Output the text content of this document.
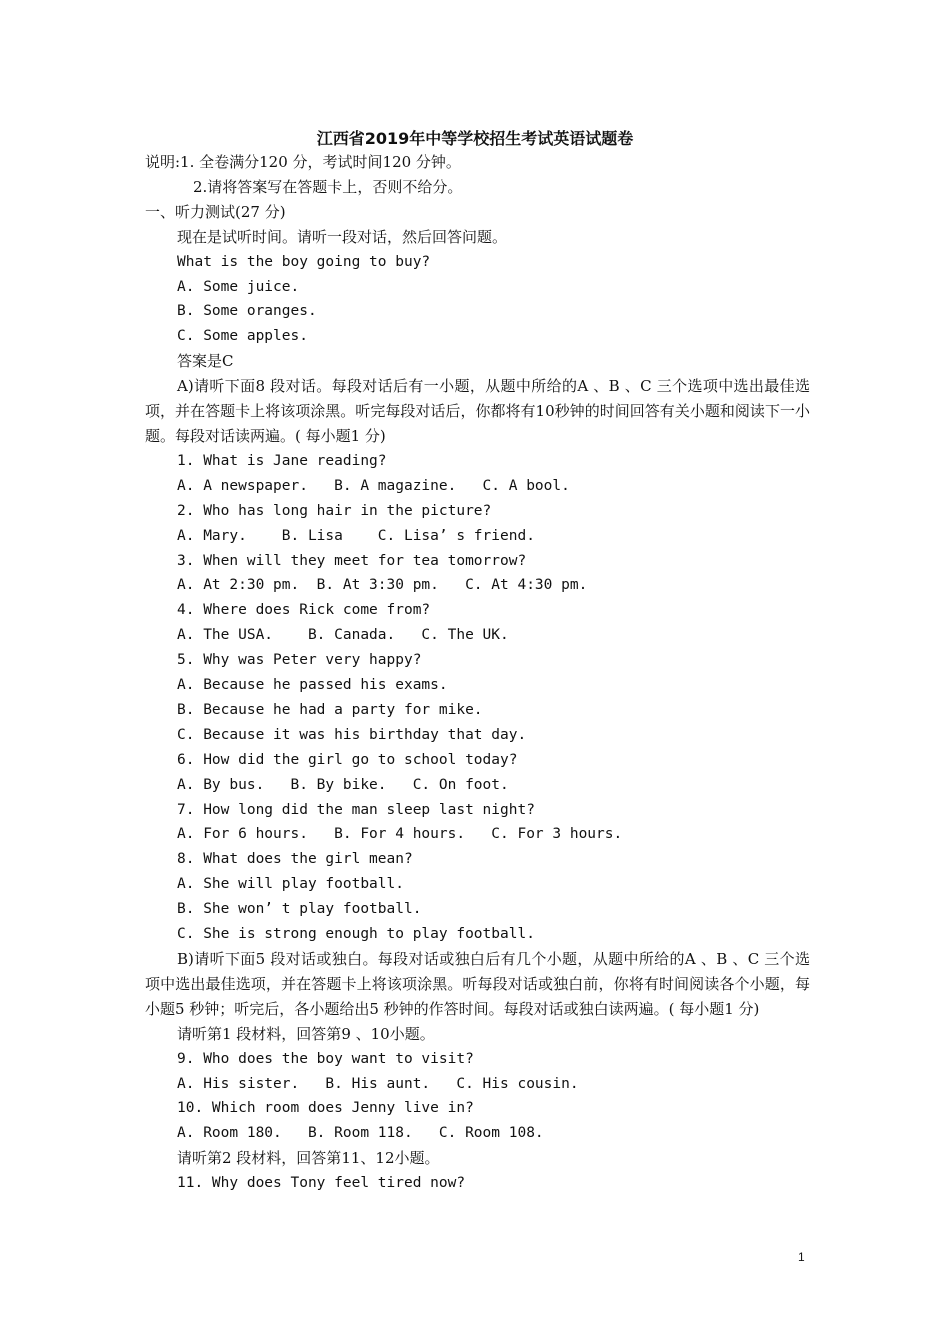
江西省2019年中等学校招生考试英语试题卷
说明:1. 全卷满分120 分，考试时间120 分钟。
2.请将答案写在答题卡上，否则不给分。
一、听力测试(27 分)
现在是试听时间。请听一段对话，然后回答问题。
What is the boy going to buy?
A. Some juice.
B. Some oranges.
C. Some apples.
答案是C
A)请听下面8 段对话。每段对话后有一小题，从题中所给的A 、B 、C 三个选项中选出最佳选项，并在答题卡上将该项涂黑。听完每段对话后，你都将有10秒钟的时间回答有关小题和阅读下一小题。每段对话读两遍。( 每小题1 分)
1. What is Jane reading?
A. A newspaper.   B. A magazine.   C. A bool.
2. Who has long hair in the picture?
A. Mary.    B. Lisa    C. Lisa’ s friend.
3. When will they meet for tea tomorrow?
A. At 2:30 pm.  B. At 3:30 pm.   C. At 4:30 pm.
4. Where does Rick come from?
A. The USA.    B. Canada.   C. The UK.
5. Why was Peter very happy?
A. Because he passed his exams.
B. Because he had a party for mike.
C. Because it was his birthday that day.
6. How did the girl go to school today?
A. By bus.   B. By bike.   C. On foot.
7. How long did the man sleep last night?
A. For 6 hours.   B. For 4 hours.   C. For 3 hours.
8. What does the girl mean?
A. She will play football.
B. She won’ t play football.
C. She is strong enough to play football.
B)请听下面5 段对话或独白。每段对话或独白后有几个小题，从题中所给的A 、B 、C 三个选项中选出最佳选项，并在答题卡上将该项涂黑。听每段对话或独白前，你将有时间阅读各个小题，每小题5 秒钟；听完后，各小题给出5 秒钟的作答时间。每段对话或独白读两遍。( 每小题1 分)
请听第1 段材料，回答第9 、10小题。
9. Who does the boy want to visit?
A. His sister.   B. His aunt.   C. His cousin.
10. Which room does Jenny live in?
A. Room 180.   B. Room 118.   C. Room 108.
请听第2 段材料，回答第11、12小题。
11. Why does Tony feel tired now?
1
